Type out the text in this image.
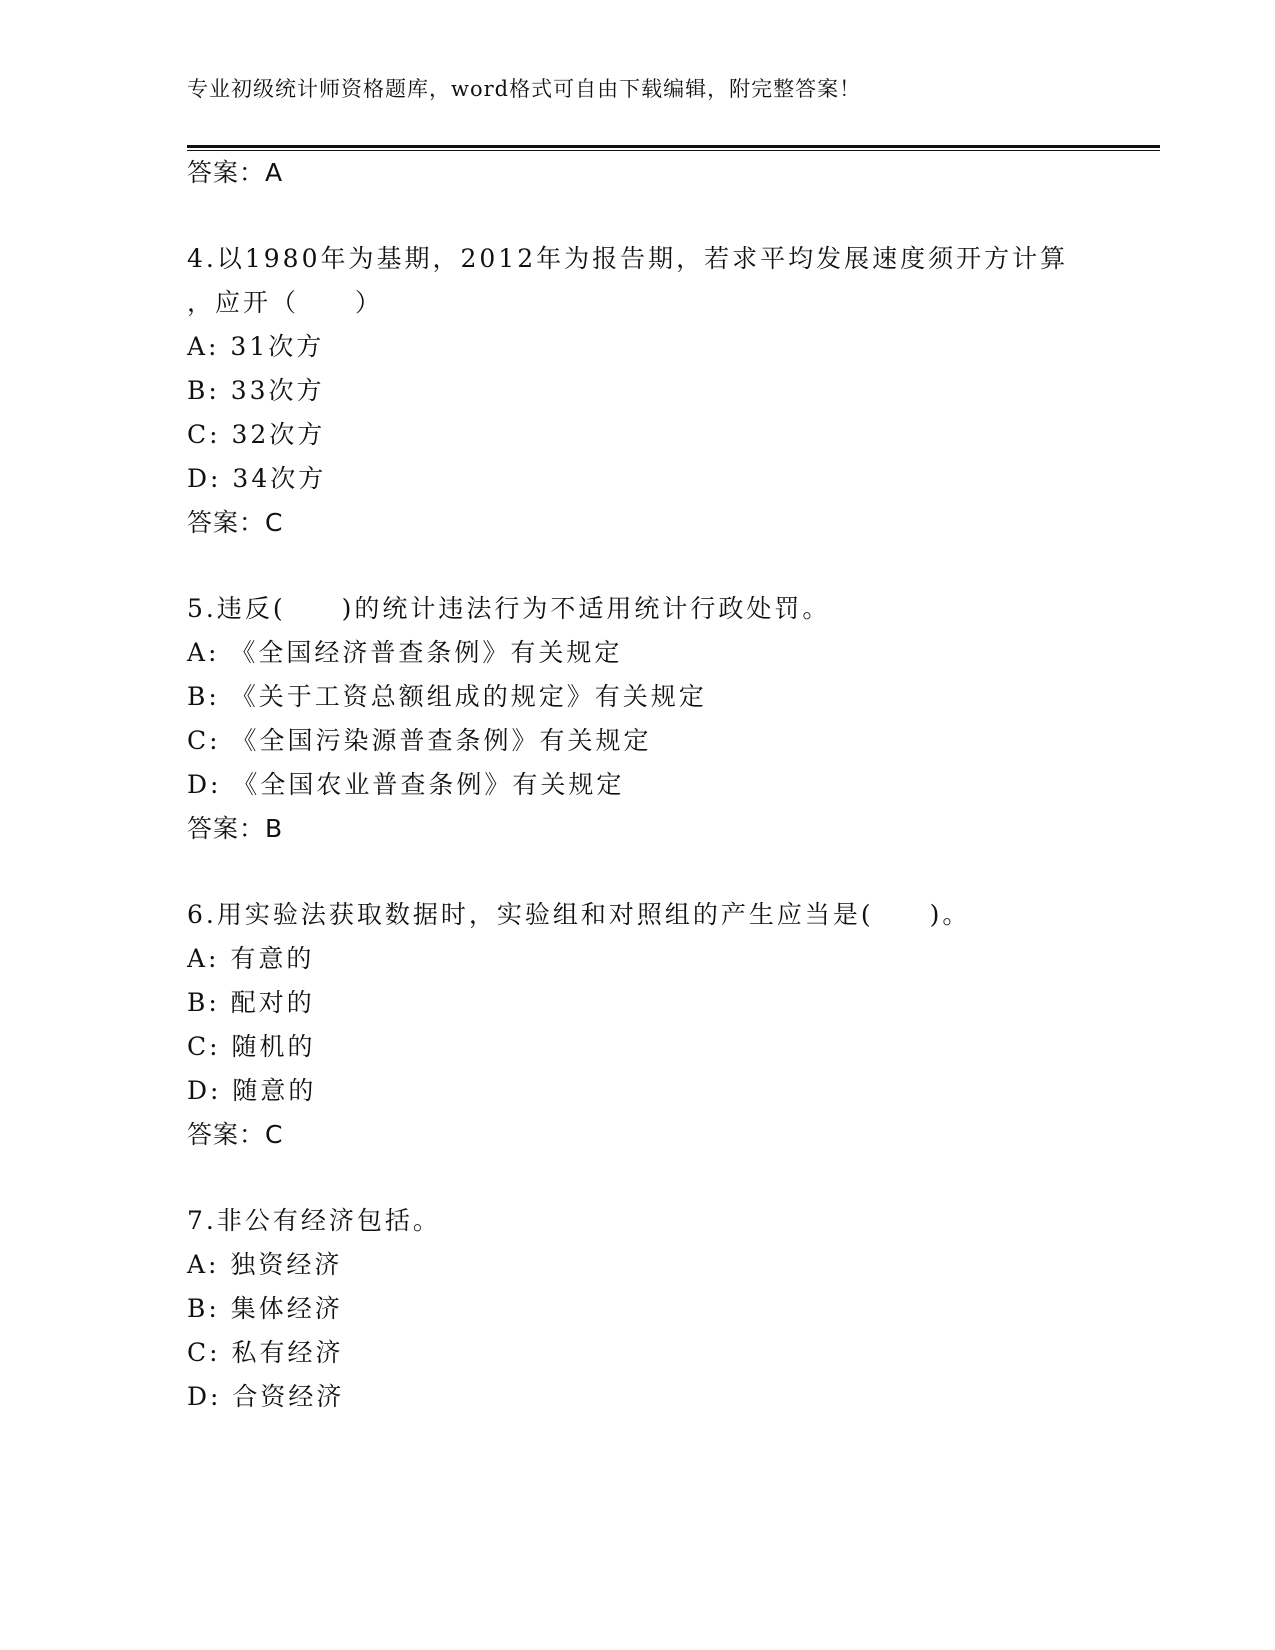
专业初级统计师资格题库，word格式可自由下载编辑，附完整答案！
答案：A
4.以1980年为基期，2012年为报告期，若求平均发展速度须开方计算
，应开（　　）
A: 31次方
B: 33次方
C: 32次方
D: 34次方
答案：C
5.违反(　　)的统计违法行为不适用统计行政处罚。
A: 《全国经济普查条例》有关规定
B: 《关于工资总额组成的规定》有关规定
C: 《全国污染源普查条例》有关规定
D: 《全国农业普查条例》有关规定
答案：B
6.用实验法获取数据时，实验组和对照组的产生应当是(　　)。
A: 有意的
B: 配对的
C: 随机的
D: 随意的
答案：C
7.非公有经济包括。
A: 独资经济
B: 集体经济
C: 私有经济
D: 合资经济
